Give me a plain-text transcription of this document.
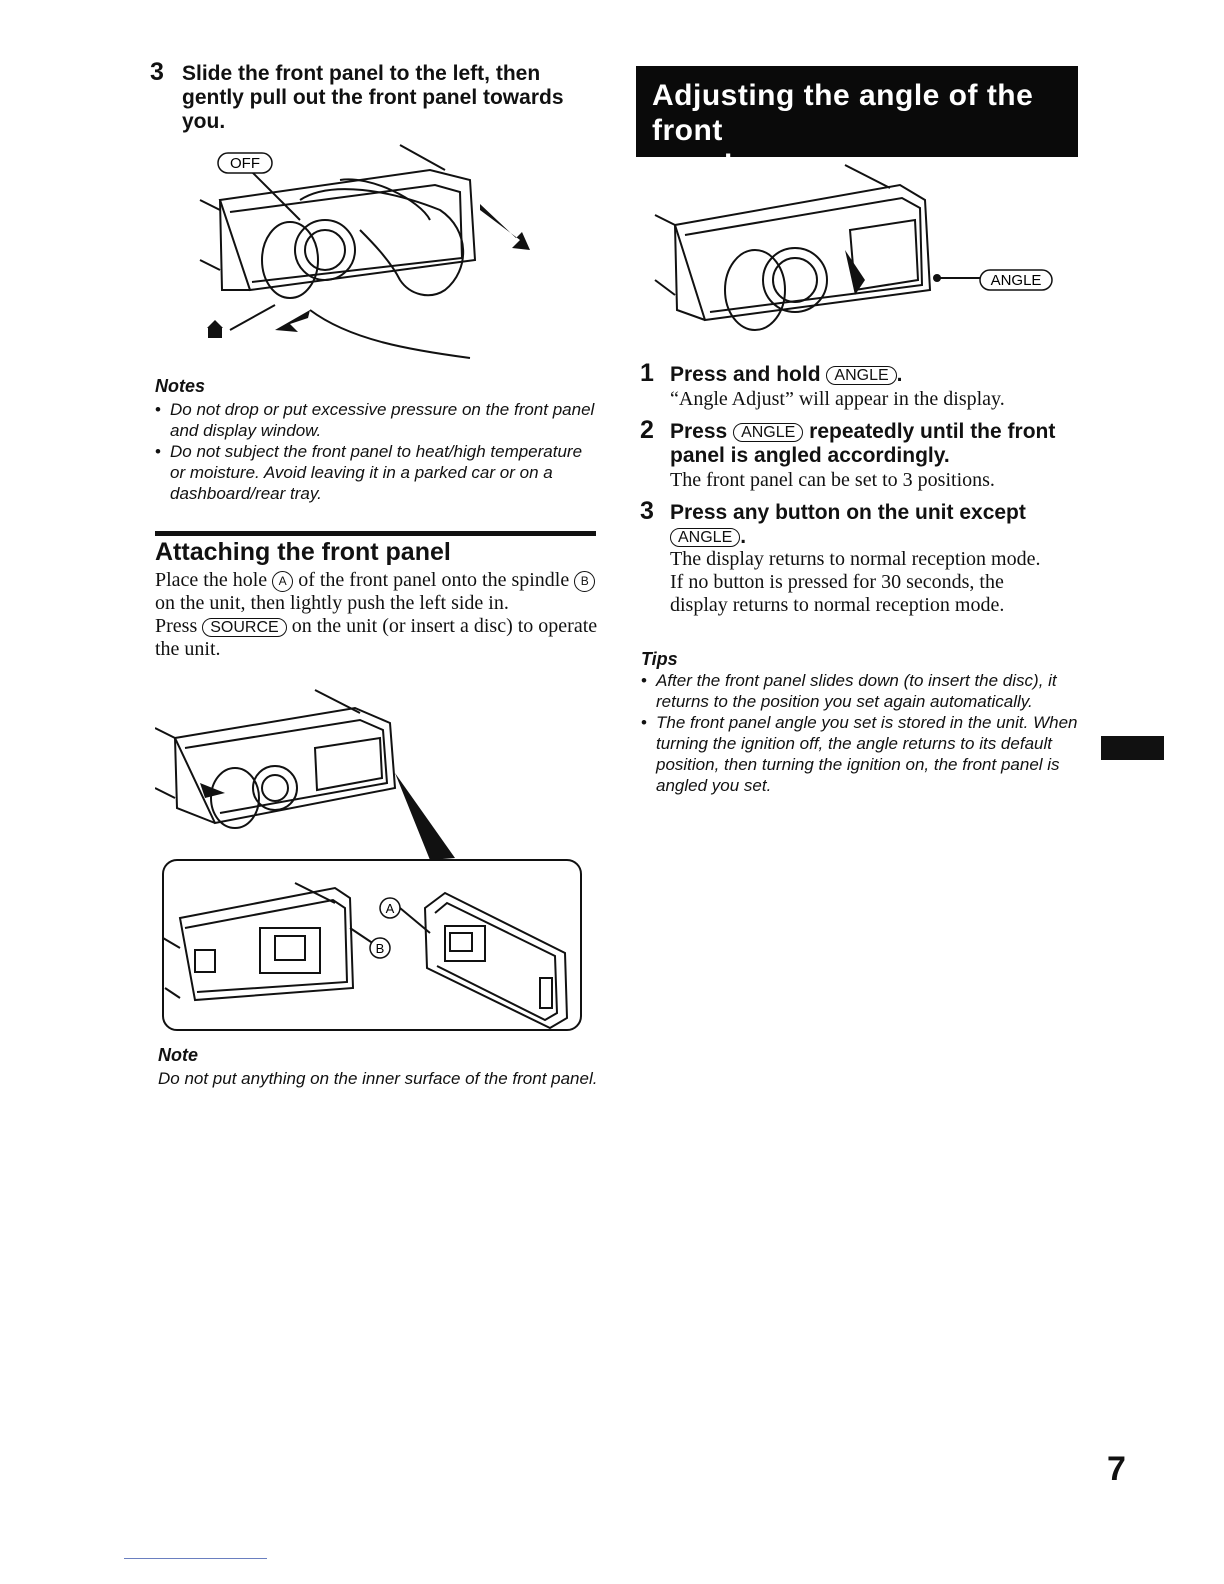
3 Slide the front panel to the left, then
gently pull out the front panel towards
you.
OFF
Notes
• Do not drop or put excessive pressure on the front panel and display window.
• Do not subject the front panel to heat/high temperature or moisture. Avoid leaving it in a parked car or on a dashboard/rear tray.
Attaching the front panel

Place the hole A of the front panel onto the spindle B on the unit, then lightly push the left side in.

Press SOURCE on the unit (or insert a disc) to operate the unit.

A
B
Note
Do not put anything on the inner surface of the front panel.
Adjusting the angle of the front
panel
ANGLE
1 Press and hold ANGLE .
“Angle Adjust” will appear in the display.
2 Press ANGLE repeatedly until the front panel is angled accordingly.
The front panel can be set to 3 positions.
3 Press any button on the unit except ANGLE .

The display returns to normal reception mode.

If no button is pressed for 30 seconds, the display returns to normal reception mode.

Tips
• After the front panel slides down (to insert the disc), it returns to the position you set again automatically.
• The front panel angle you set is stored in the unit. When turning the ignition off, the angle returns to its default position, then turning the ignition on, the front panel is angled you set.
7
